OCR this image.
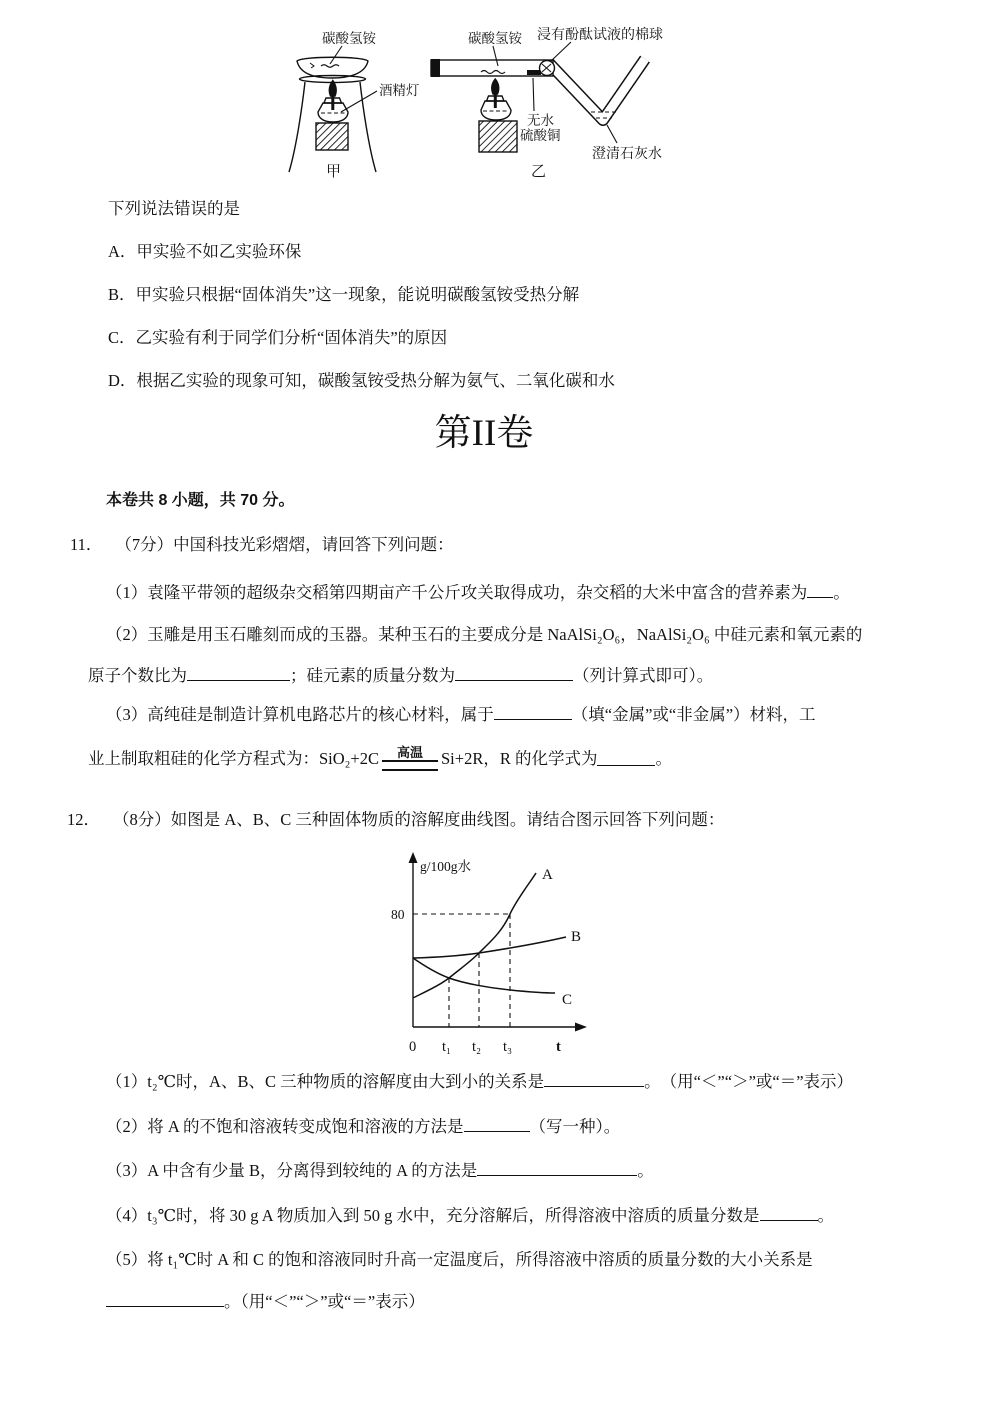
碳酸氢铵
酒精灯
甲
碳酸氢铵 浸有酚酞试液的棉球
无水
硫酸铜
澄清石灰水
乙
下列说法错误的是
A．甲实验不如乙实验环保
B．甲实验只根据“固体消失”这一现象，能说明碳酸氢铵受热分解
C．乙实验有利于同学们分析“固体消失”的原因
D．根据乙实验的现象可知，碳酸氢铵受热分解为氨气、二氧化碳和水
第II卷
本卷共 8 小题，共 70 分。
11． （7分）中国科技光彩熠熠，请回答下列问题：
（1）袁隆平带领的超级杂交稻第四期亩产千公斤攻关取得成功，杂交稻的大米中富含的营养素为 。
（2）玉雕是用玉石雕刻而成的玉器。某种玉石的主要成分是 NaAlSi₂O₆，NaAlSi₂O₆ 中硅元素和氧元素的
原子个数比为	；硅元素的质量分数为	（列计算式即可）。
（3）高纯硅是制造计算机电路芯片的核心材料，属于	（填“金属”或“非金属”）材料，工
业上制取粗硅的化学方程式为：SiO₂+2C 高温 Si+2R，R 的化学式为	。
12． （8分）如图是 A、B、C 三种固体物质的溶解度曲线图。请结合图示回答下列问题：
g/100g水
80
A
B
C
0 t₁ t₂ t₃	t
（1）t₂℃时，A、B、C 三种物质的溶解度由大到小的关系是	。　（用“＜”“＞”或“＝”表示）
（2）将 A 的不饱和溶液转变成饱和溶液的方法是	（写一种）。
（3）A 中含有少量 B，分离得到较纯的 A 的方法是	。
（4）t₃℃时，将 30 g A 物质加入到 50 g 水中，充分溶解后，所得溶液中溶质的质量分数是	。
（5）将 t₁℃时 A 和 C 的饱和溶液同时升高一定温度后，所得溶液中溶质的质量分数的大小关系是
。（用“＜”“＞”或“＝”表示）
